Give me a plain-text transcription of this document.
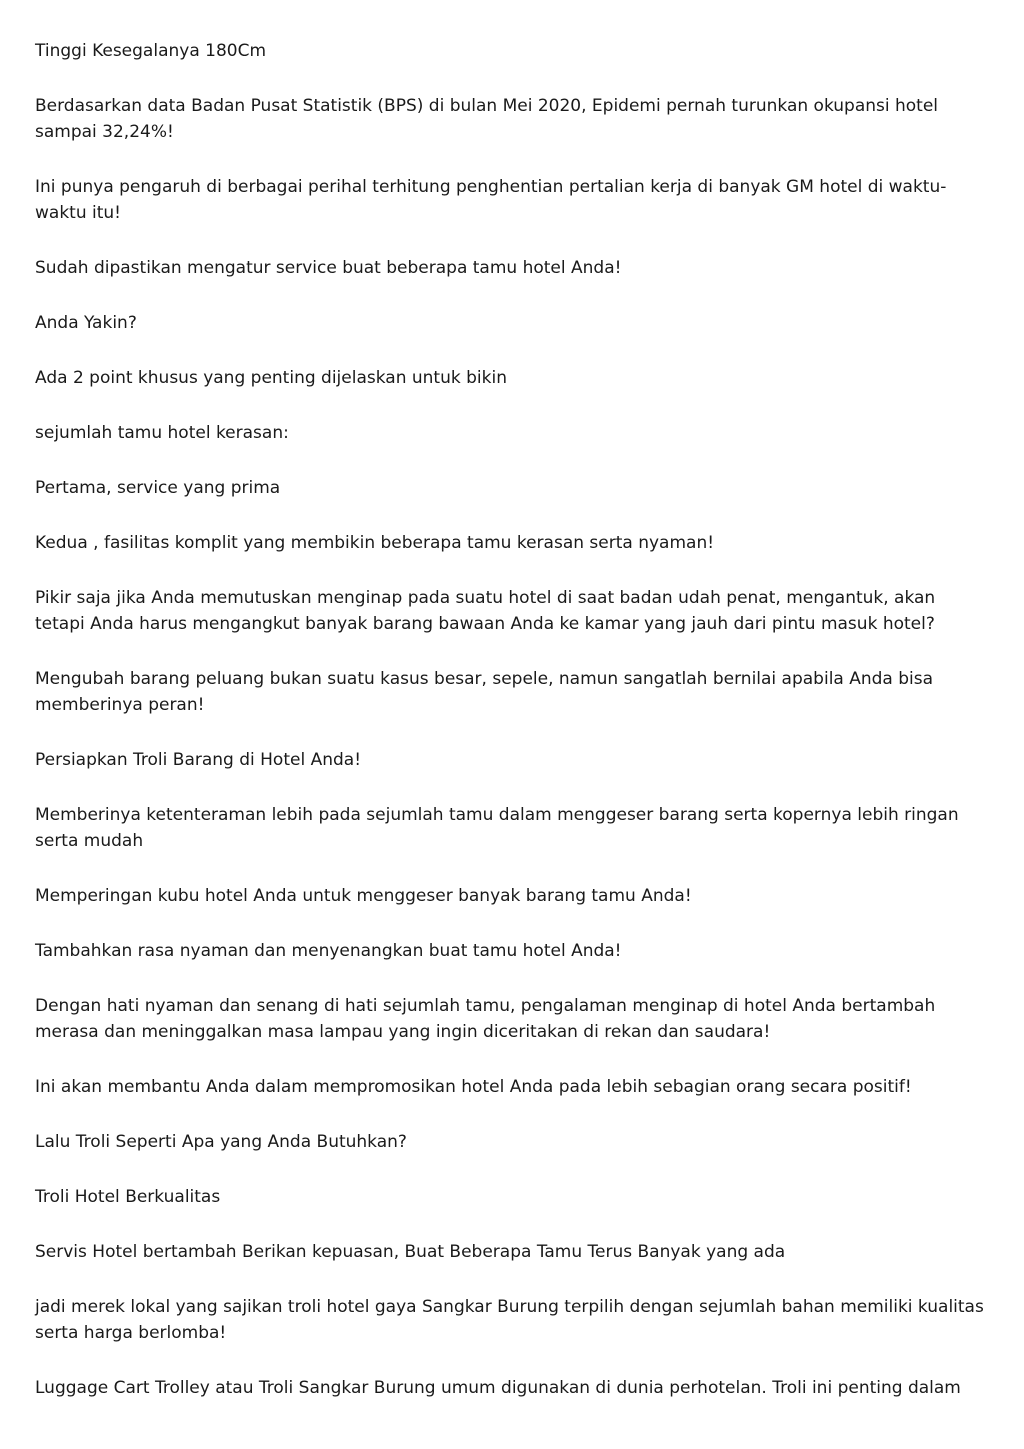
Tinggi Kesegalanya 180Cm

Berdasarkan data Badan Pusat Statistik (BPS) di bulan Mei 2020, Epidemi pernah turunkan okupansi hotel sampai 32,24%!

Ini punya pengaruh di berbagai perihal terhitung penghentian pertalian kerja di banyak GM hotel di waktu-waktu itu!

Sudah dipastikan mengatur service buat beberapa tamu hotel Anda!

Anda Yakin?

Ada 2 point khusus yang penting dijelaskan untuk bikin

sejumlah tamu hotel kerasan:

Pertama, service yang prima

Kedua , fasilitas komplit yang membikin beberapa tamu kerasan serta nyaman!

Pikir saja jika Anda memutuskan menginap pada suatu hotel di saat badan udah penat, mengantuk, akan tetapi Anda harus mengangkut banyak barang bawaan Anda ke kamar yang jauh dari pintu masuk hotel?

Mengubah barang peluang bukan suatu kasus besar, sepele, namun sangatlah bernilai apabila Anda bisa memberinya peran!

Persiapkan Troli Barang di Hotel Anda!

Memberinya ketenteraman lebih pada sejumlah tamu dalam menggeser barang serta kopernya lebih ringan serta mudah

Memperingan kubu hotel Anda untuk menggeser banyak barang tamu Anda!

Tambahkan rasa nyaman dan menyenangkan buat tamu hotel Anda!

Dengan hati nyaman dan senang di hati sejumlah tamu, pengalaman menginap di hotel Anda bertambah merasa dan meninggalkan masa lampau yang ingin diceritakan di rekan dan saudara!

Ini akan membantu Anda dalam mempromosikan hotel Anda pada lebih sebagian orang secara positif!

Lalu Troli Seperti Apa yang Anda Butuhkan?

Troli Hotel Berkualitas

Servis Hotel bertambah Berikan kepuasan, Buat Beberapa Tamu Terus Banyak yang ada

jadi merek lokal yang sajikan troli hotel gaya Sangkar Burung terpilih dengan sejumlah bahan memiliki kualitas serta harga berlomba!

Luggage Cart Trolley atau Troli Sangkar Burung umum digunakan di dunia perhotelan. Troli ini penting dalam
